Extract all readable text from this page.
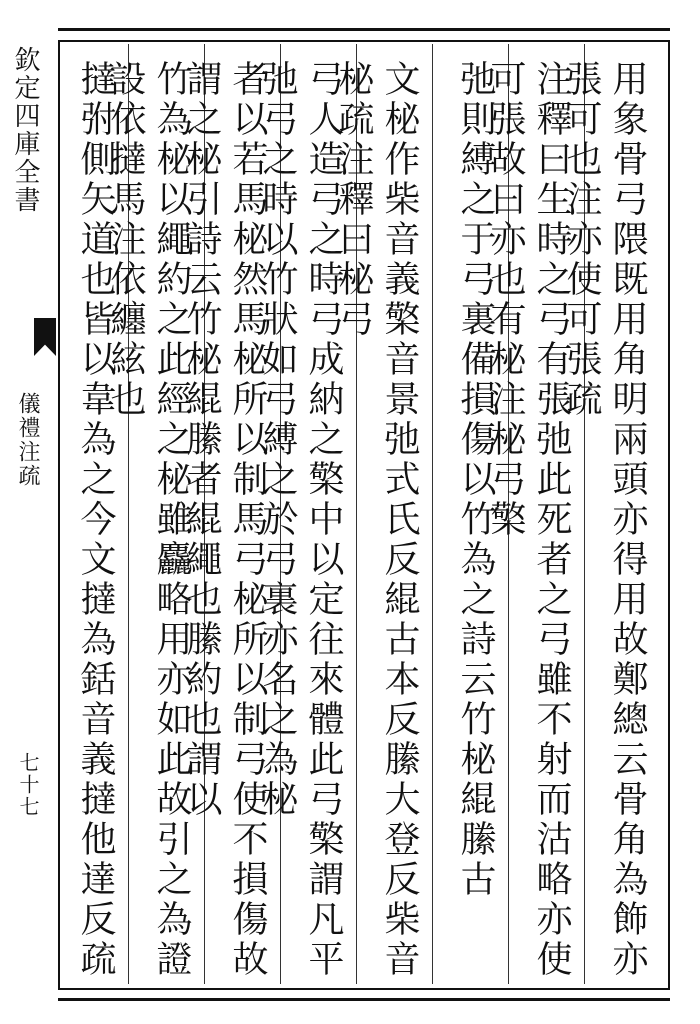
欽定四庫全書
儀禮注疏
七十七	用象骨弓隈既用角明兩頭亦得用故鄭總云骨角為飾亦張可也注亦使可張疏
注釋曰生時之弓有張弛此死者之弓雖不射而沽略亦使可張故曰亦也有柲注柲弓檠
弛則縛之于弓裏備損傷以竹為之詩云竹柲緄縢古
文柲作柴音義檠音景弛式氏反緄古本反縢大登反柴音柲疏注釋曰柲弓
弓人造弓之時弓成納之檠中以定往來體此弓檠謂凡平弛弓之時以竹狀如弓縛之於弓裏亦名之為柲
者以若馬柲然馬柲所以制馬弓柲所以制弓使不損傷故謂之柲引詩云竹柲緄縢者緄繩也縢約也謂以
竹為柲以繩約之此經之柲雖麤略用亦如此故引之為證設依撻馬注依纏絃也
撻弣側矢道也皆以韋為之今文撻為銛音義撻他達反疏
